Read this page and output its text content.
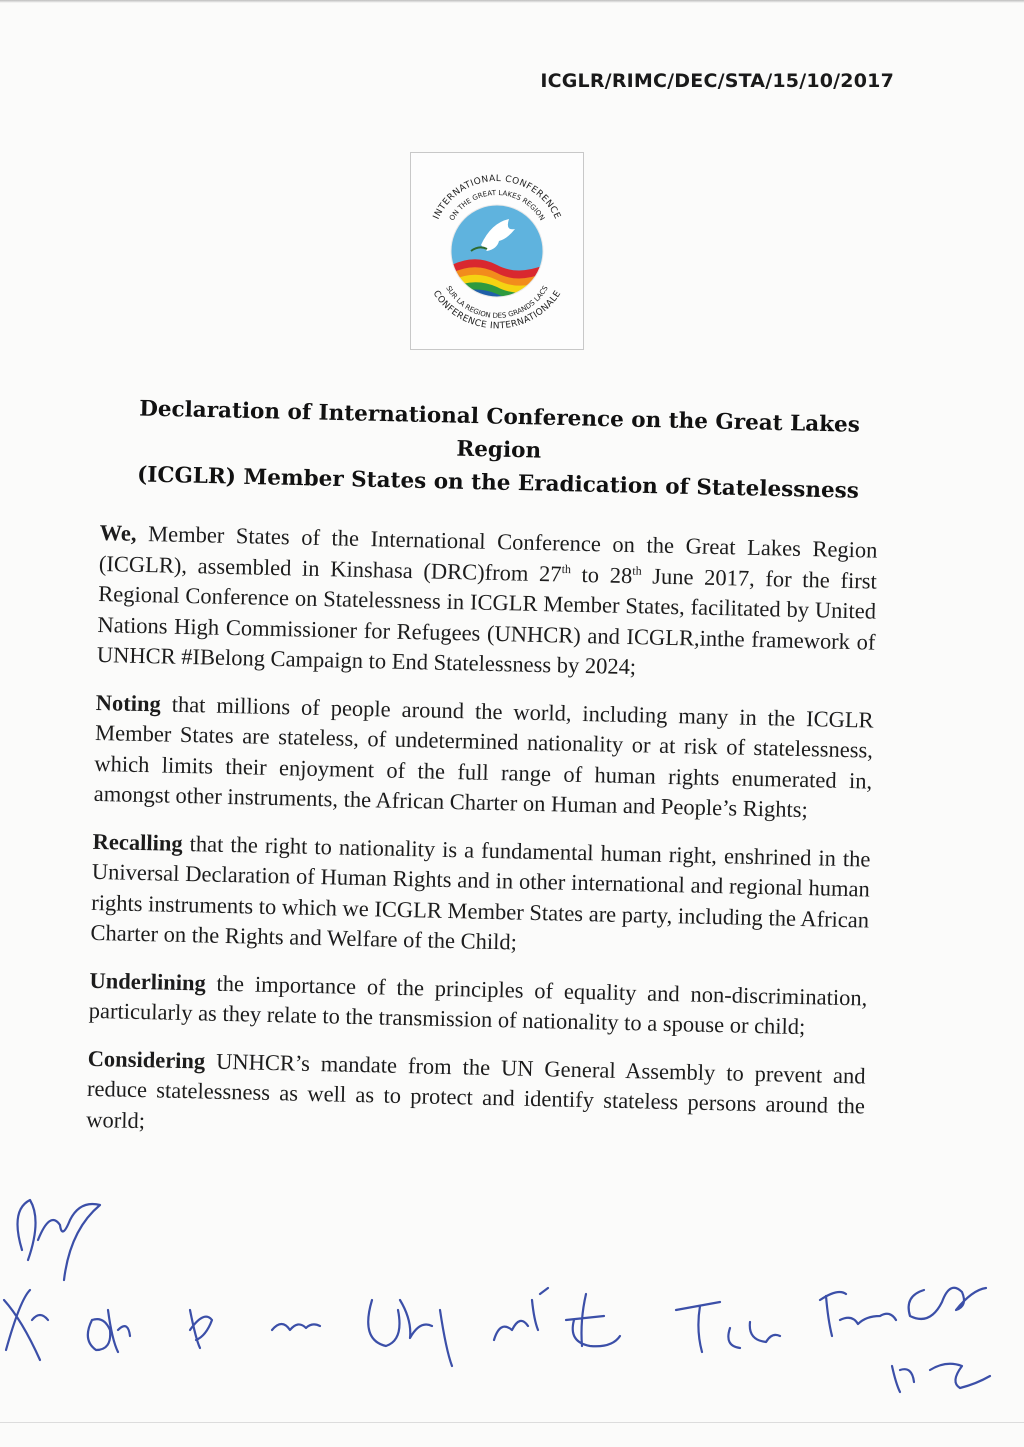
ICGLR/RIMC/DEC/STA/15/10/2017
INTERNATIONAL CONFERENCE
ON THE GREAT LAKES REGION
CONFERENCE INTERNATIONALE
SUR LA REGION DES GRANDS LACS
Declaration of International Conference on the Great Lakes Region
(ICGLR) Member States on the Eradication of Statelessness

We, Member States of the International Conference on the Great Lakes Region (ICGLR), assembled in Kinshasa (DRC)from 27th to 28th June 2017, for the first Regional Conference on Statelessness in ICGLR Member States, facilitated by United Nations High Commissioner for Refugees (UNHCR) and ICGLR,inthe framework of UNHCR #IBelong Campaign to End Statelessness by 2024;

Noting that millions of people around the world, including many in the ICGLR Member States are stateless, of undetermined nationality or at risk of statelessness, which limits their enjoyment of the full range of human rights enumerated in, amongst other instruments, the African Charter on Human and People’s Rights;

Recalling that the right to nationality is a fundamental human right, enshrined in the Universal Declaration of Human Rights and in other international and regional human rights instruments to which we ICGLR Member States are party, including the African Charter on the Rights and Welfare of the Child;

Underlining the importance of the principles of equality and non-discrimination, particularly as they relate to the transmission of nationality to a spouse or child;

Considering UNHCR’s mandate from the UN General Assembly to prevent and reduce statelessness as well as to protect and identify stateless persons around the world;
